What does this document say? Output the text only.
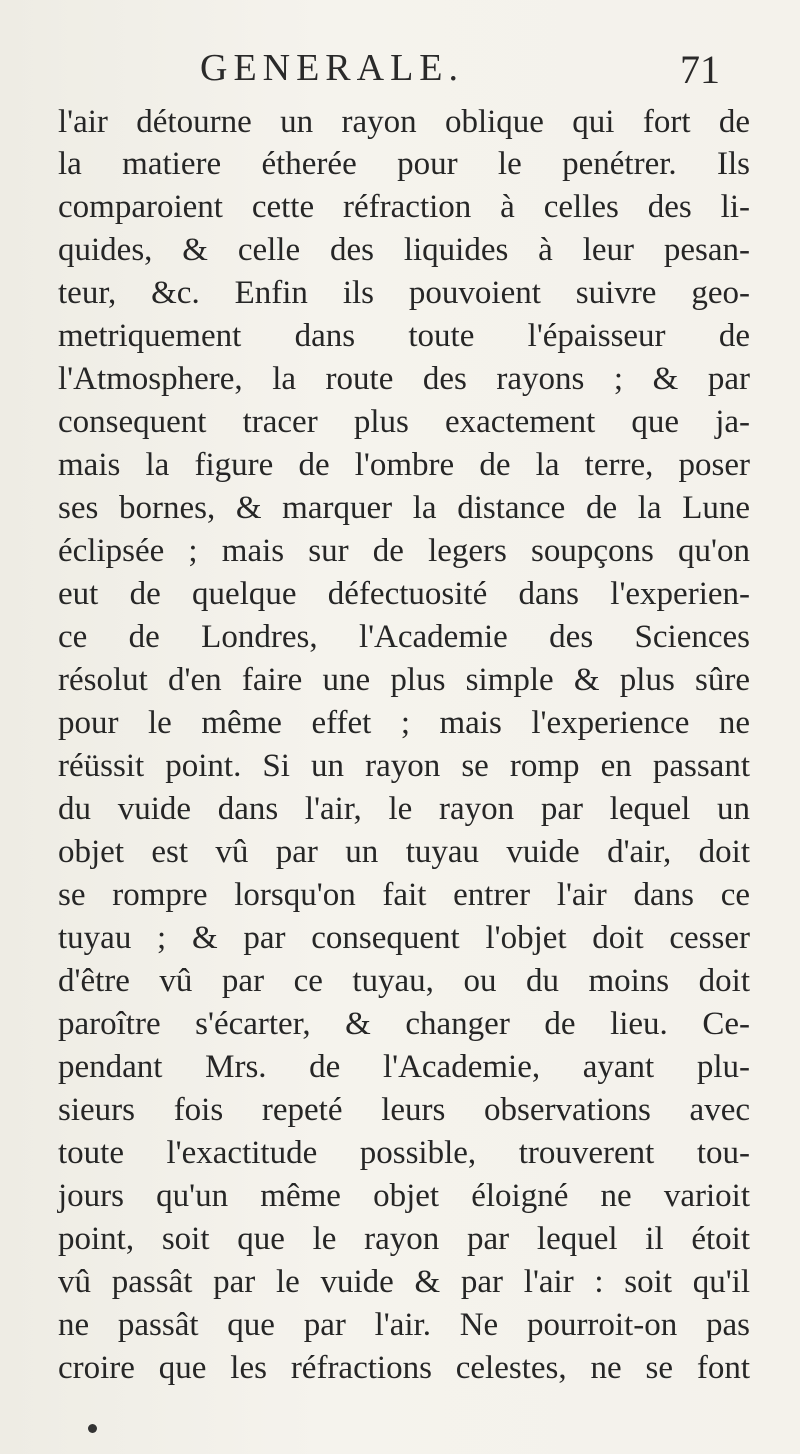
GENERALE.	71
l'air détourne un rayon oblique qui fort de
la matiere étherée pour le penétrer. Ils
comparoient cette réfraction à celles des li-
quides, & celle des liquides à leur pesan-
teur, &c. Enfin ils pouvoient suivre geo-
metriquement dans toute l'épaisseur de
l'Atmosphere, la route des rayons ; & par
consequent tracer plus exactement que ja-
mais la figure de l'ombre de la terre, poser
ses bornes, & marquer la distance de la Lune
éclipsée ; mais sur de legers soupçons qu'on
eut de quelque défectuosité dans l'experien-
ce de Londres, l'Academie des Sciences
résolut d'en faire une plus simple & plus sûre
pour le même effet ; mais l'experience ne
réüssit point. Si un rayon se romp en passant
du vuide dans l'air, le rayon par lequel un
objet est vû par un tuyau vuide d'air, doit
se rompre lorsqu'on fait entrer l'air dans ce
tuyau ; & par consequent l'objet doit cesser
d'être vû par ce tuyau, ou du moins doit
paroître s'écarter, & changer de lieu. Ce-
pendant Mrs. de l'Academie, ayant plu-
sieurs fois repeté leurs observations avec
toute l'exactitude possible, trouverent tou-
jours qu'un même objet éloigné ne varioit
point, soit que le rayon par lequel il étoit
vû passât par le vuide & par l'air : soit qu'il
ne passât que par l'air. Ne pourroit-on pas
croire que les réfractions celestes, ne se font
